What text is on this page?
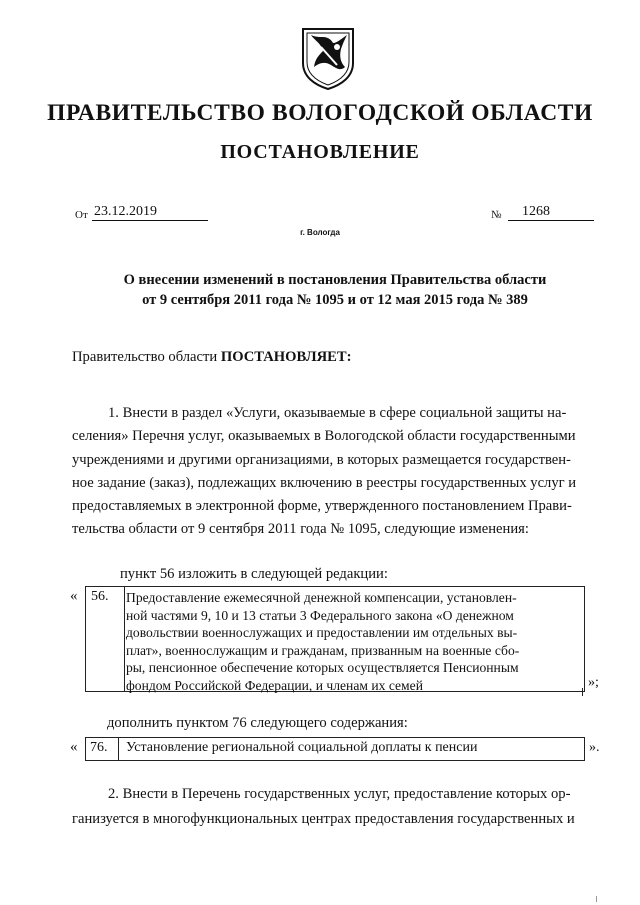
ПРАВИТЕЛЬСТВО ВОЛОГОДСКОЙ ОБЛАСТИ
ПОСТАНОВЛЕНИЕ
От 23.12.2019	№	1268
г. Вологда
О внесении изменений в постановления Правительства области
от 9 сентября 2011 года № 1095 и от 12 мая 2015 года № 389
Правительство области ПОСТАНОВЛЯЕТ:
1. Внести в раздел «Услуги, оказываемые в сфере социальной защиты на-
селения» Перечня услуг, оказываемых в Вологодской области государственными
учреждениями и другими организациями, в которых размещается государствен-
ное задание (заказ), подлежащих включению в реестры государственных услуг и
предоставляемых в электронной форме, утвержденного постановлением Прави-
тельства области от 9 сентября 2011 года № 1095, следующие изменения:
пункт 56 изложить в следующей редакции:
« 56.	Предоставление ежемесячной денежной компенсации, установлен-
ной частями 9, 10 и 13 статьи 3 Федерального закона «О денежном
довольствии военнослужащих и предоставлении им отдельных вы-
плат», военнослужащим и гражданам, призванным на военные сбо-
ры, пенсионное обеспечение которых осуществляется Пенсионным
фондом Российской Федерации, и членам их семей	»;
дополнить пунктом 76 следующего содержания:
« 76.	Установление региональной социальной доплаты к пенсии	».
2. Внести в Перечень государственных услуг, предоставление которых ор-
ганизуется в многофункциональных центрах предоставления государственных и
